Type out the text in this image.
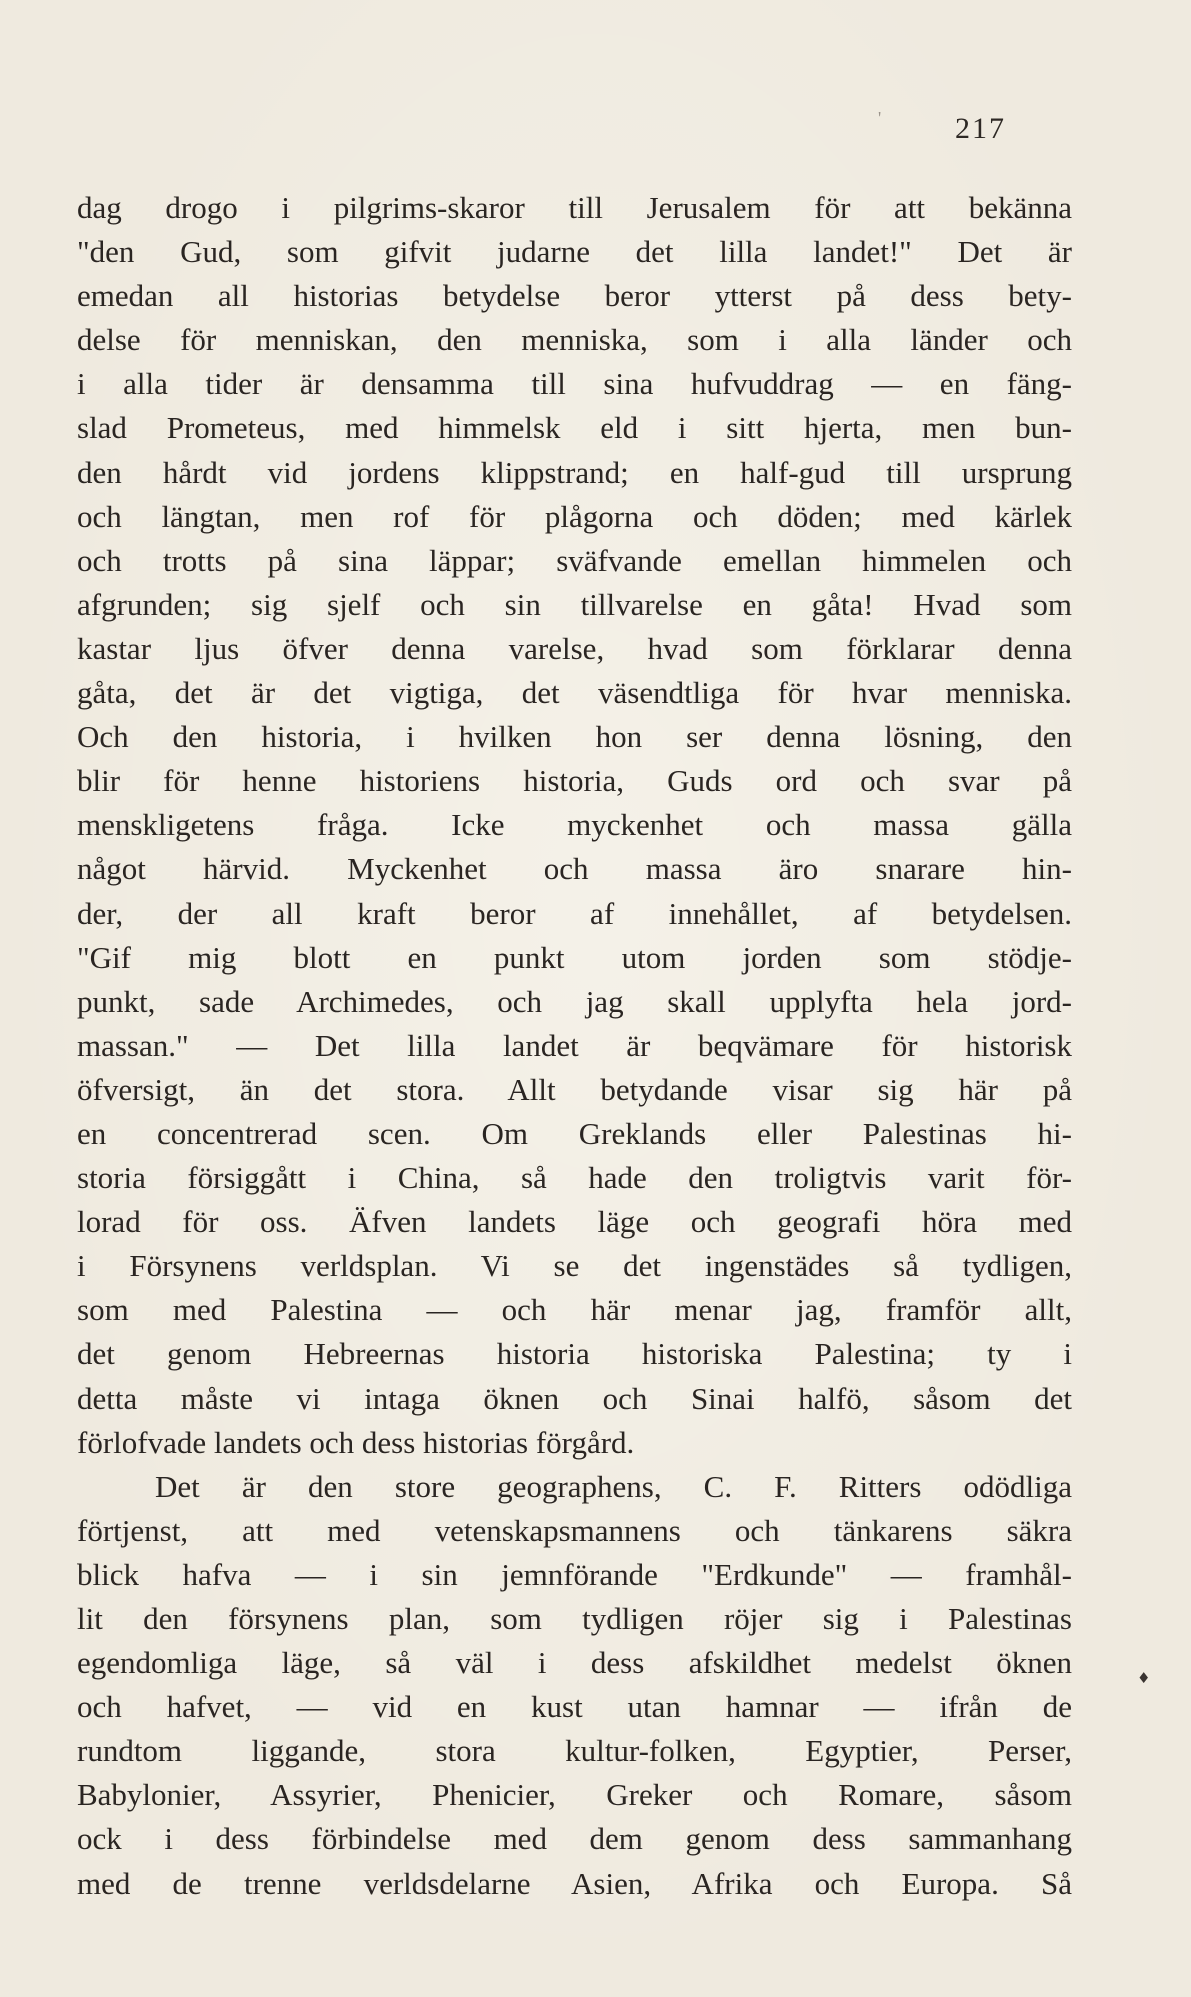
' 217
dag drogo i pilgrims-skaror till Jerusalem för att bekänna
"den Gud, som gifvit judarne det lilla landet!" Det är
emedan all historias betydelse beror ytterst på dess bety-
delse för menniskan, den menniska, som i alla länder och
i alla tider är densamma till sina hufvuddrag — en fäng-
slad Prometeus, med himmelsk eld i sitt hjerta, men bun-
den hårdt vid jordens klippstrand; en half-gud till ursprung
och längtan, men rof för plågorna och döden; med kärlek
och trotts på sina läppar; sväfvande emellan himmelen och
afgrunden; sig sjelf och sin tillvarelse en gåta! Hvad som
kastar ljus öfver denna varelse, hvad som förklarar denna
gåta, det är det vigtiga, det väsendtliga för hvar menniska.
Och den historia, i hvilken hon ser denna lösning, den
blir för henne historiens historia, Guds ord och svar på
menskligetens fråga. Icke myckenhet och massa gälla
något härvid. Myckenhet och massa äro snarare hin-
der, der all kraft beror af innehållet, af betydelsen.
"Gif mig blott en punkt utom jorden som stödje-
punkt, sade Archimedes, och jag skall upplyfta hela jord-
massan." — Det lilla landet är beqvämare för historisk
öfversigt, än det stora. Allt betydande visar sig här på
en concentrerad scen. Om Greklands eller Palestinas hi-
storia försiggått i China, så hade den troligtvis varit för-
lorad för oss. Äfven landets läge och geografi höra med
i Försynens verldsplan. Vi se det ingenstädes så tydligen,
som med Palestina — och här menar jag, framför allt,
det genom Hebreernas historia historiska Palestina; ty i
detta måste vi intaga öknen och Sinai halfö, såsom det
förlofvade landets och dess historias förgård.
Det är den store geographens, C. F. Ritters odödliga
förtjenst, att med vetenskapsmannens och tänkarens säkra
blick hafva — i sin jemnförande "Erdkunde" — framhål-
lit den försynens plan, som tydligen röjer sig i Palestinas
egendomliga läge, så väl i dess afskildhet medelst öknen
och hafvet, — vid en kust utan hamnar — ifrån de
rundtom liggande, stora kultur-folken, Egyptier, Perser,
Babylonier, Assyrier, Phenicier, Greker och Romare, såsom
ock i dess förbindelse med dem genom dess sammanhang
med de trenne verldsdelarne Asien, Afrika och Europa. Så
♦
